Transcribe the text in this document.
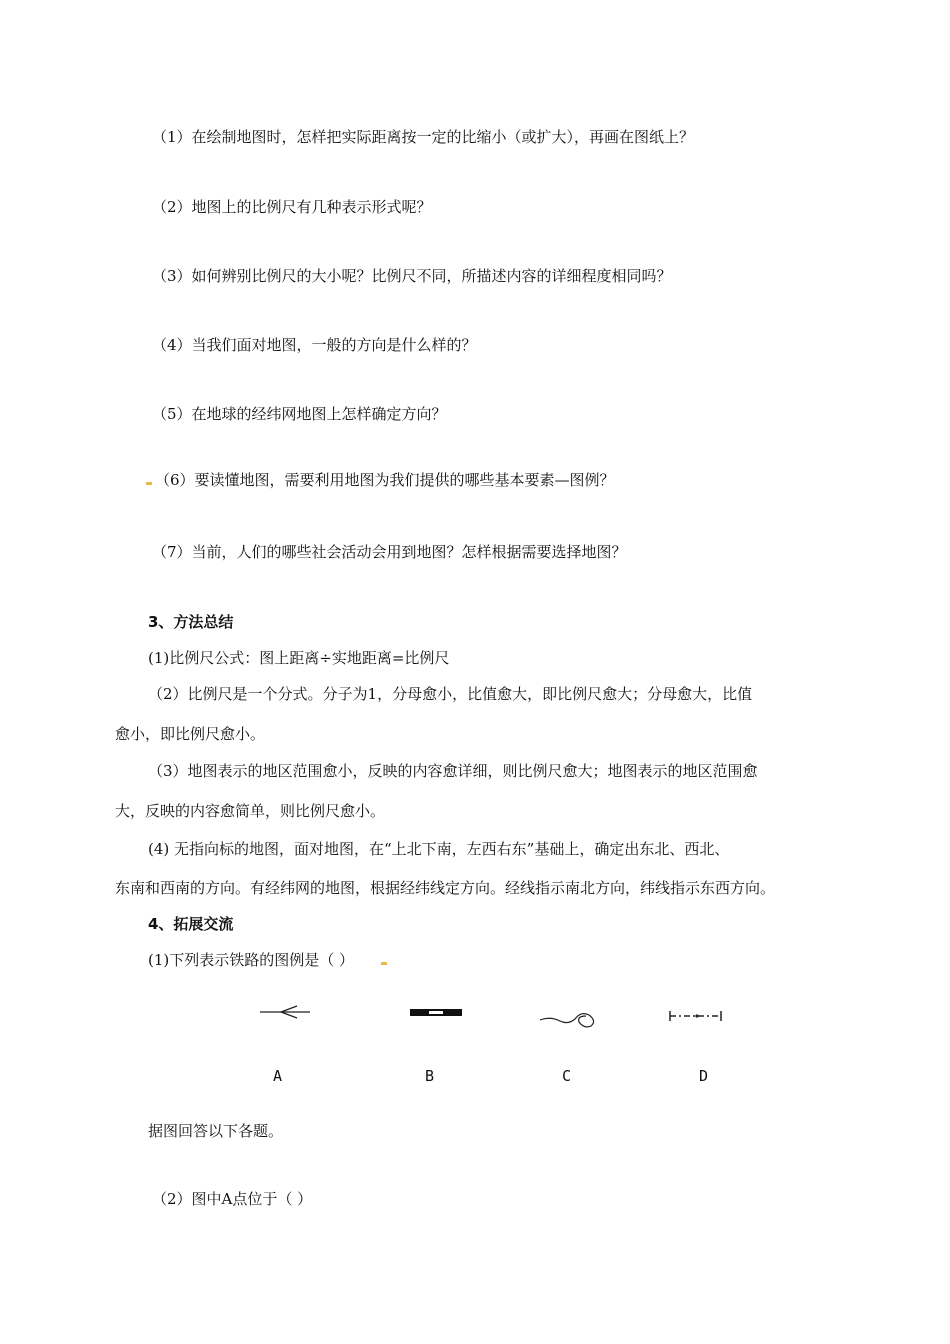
（1）在绘制地图时，怎样把实际距离按一定的比缩小（或扩大），再画在图纸上？
（2）地图上的比例尺有几种表示形式呢？
（3）如何辨别比例尺的大小呢？比例尺不同，所描述内容的详细程度相同吗？
（4）当我们面对地图，一般的方向是什么样的？
（5）在地球的经纬网地图上怎样确定方向？
（6）要读懂地图，需要利用地图为我们提供的哪些基本要素—图例？
（7）当前，人们的哪些社会活动会用到地图？怎样根据需要选择地图？
3、方法总结
(1)比例尺公式：图上距离÷实地距离=比例尺
（2）比例尺是一个分式。分子为1，分母愈小，比值愈大，即比例尺愈大；分母愈大，比值
愈小，即比例尺愈小。
（3）地图表示的地区范围愈小，反映的内容愈详细，则比例尺愈大；地图表示的地区范围愈
大，反映的内容愈简单，则比例尺愈小。
(4) 无指向标的地图，面对地图，在“上北下南，左西右东”基础上，确定出东北、西北、
东南和西南的方向。有经纬网的地图，根据经纬线定方向。经线指示南北方向，纬线指示东西方向。
4、拓展交流
(1)下列表示铁路的图例是（ ）
A	B	C	D
据图回答以下各题。
（2）图中A点位于（ ）
